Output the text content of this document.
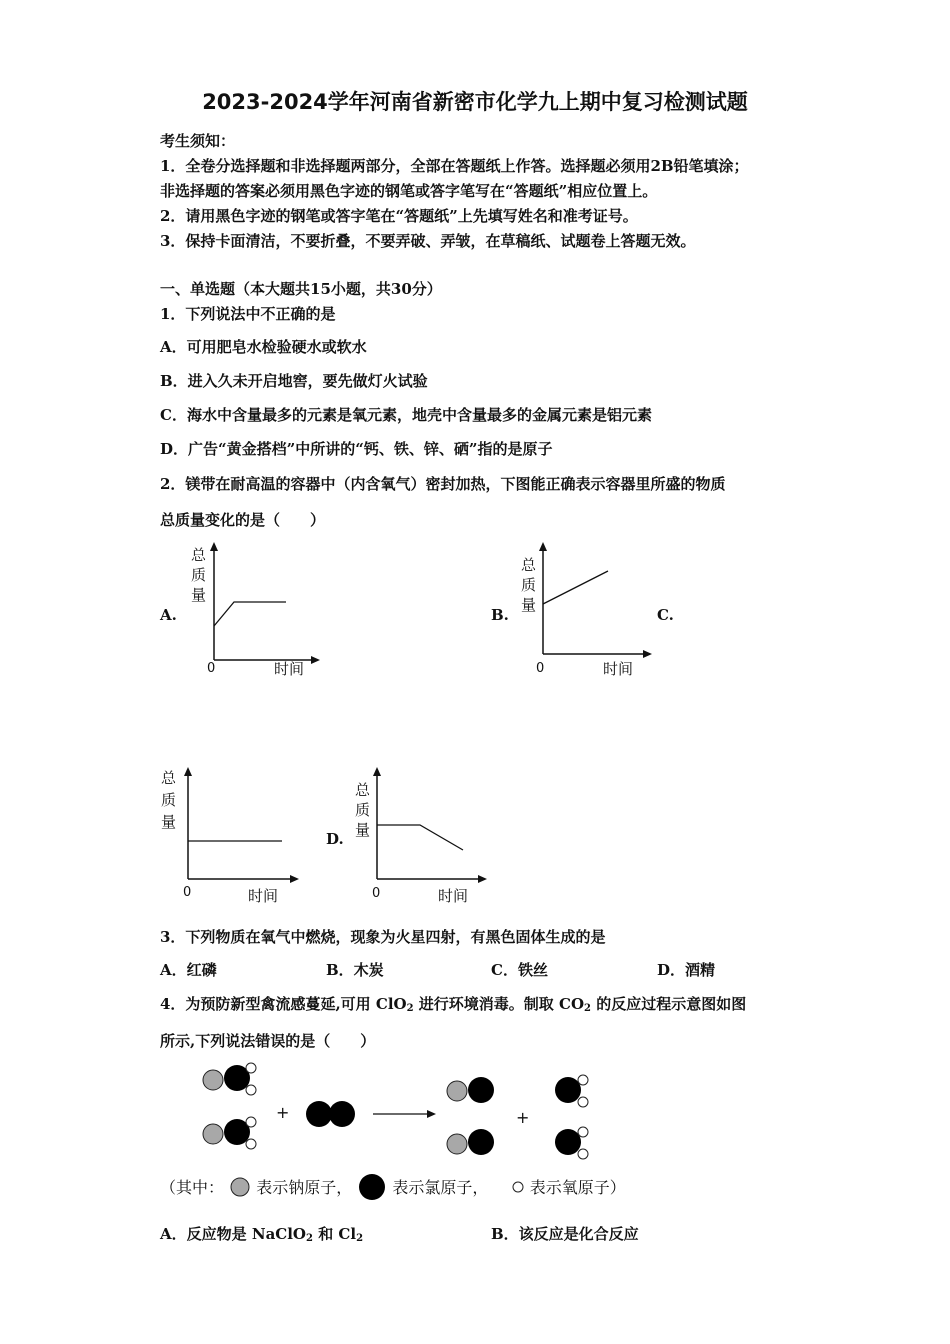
2023-2024学年河南省新密市化学九上期中复习检测试题
考生须知：
1．全卷分选择题和非选择题两部分，全部在答题纸上作答。选择题必须用2B铅笔填涂；
非选择题的答案必须用黑色字迹的钢笔或答字笔写在“答题纸”相应位置上。
2．请用黑色字迹的钢笔或答字笔在“答题纸”上先填写姓名和准考证号。
3．保持卡面清洁，不要折叠，不要弄破、弄皱，在草稿纸、试题卷上答题无效。
一、单选题（本大题共15小题，共30分）
1．下列说法中不正确的是
A．可用肥皂水检验硬水或软水
B．进入久未开启地窖，要先做灯火试验
C．海水中含量最多的元素是氧元素，地壳中含量最多的金属元素是铝元素
D．广告“黄金搭档”中所讲的“钙、铁、锌、硒”指的是原子
2．镁带在耐高温的容器中（内含氧气）密封加热，下图能正确表示容器里所盛的物质
总质量变化的是（　　）
A.	B.	C.
D.
总
质
量
0	时间
总
质
量
0	时间
总
质
量
0	时间
总
质
量
0	时间
3．下列物质在氧气中燃烧，现象为火星四射，有黑色固体生成的是
A．红磷	B．木炭	C．铁丝	D．酒精
4．为预防新型禽流感蔓延,可用 ClO$_2$ 进行环境消毒。制取 $CO_2$ 的反应过程示意图如图
所示,下列说法错误的是（　　）
+	+
（其中： 表示钠原子，	表示氯原子，	表示氧原子）
A．反应物是 NaClO$_2$ 和 $Cl_2$	B．该反应是化合反应
